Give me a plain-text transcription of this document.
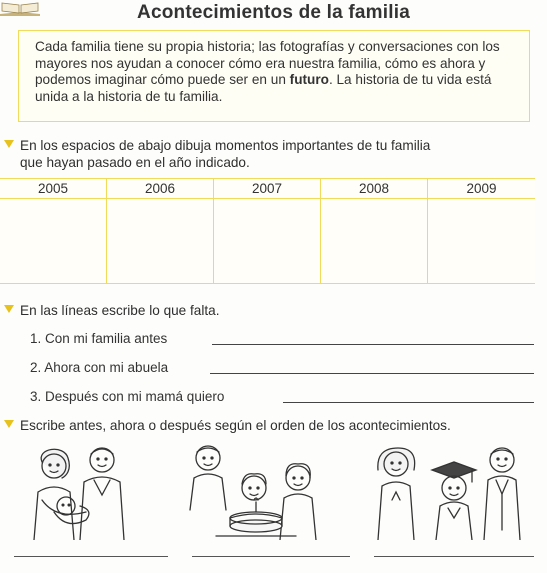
Acontecimientos de la familia
Cada familia tiene su propia historia; las fotografías y conversaciones con los mayores nos ayudan a conocer cómo era nuestra familia, cómo es ahora y podemos imaginar cómo puede ser en un futuro. La historia de tu vida está unida a la historia de tu familia.
En los espacios de abajo dibuja momentos importantes de tu familia
que hayan pasado en el año indicado.
2005	2006	2007	2008	2009
En las líneas escribe lo que falta.
1. Con mi familia antes
2. Ahora con mi abuela
3. Después con mi mamá quiero
Escribe antes, ahora o después según el orden de los acontecimientos.
